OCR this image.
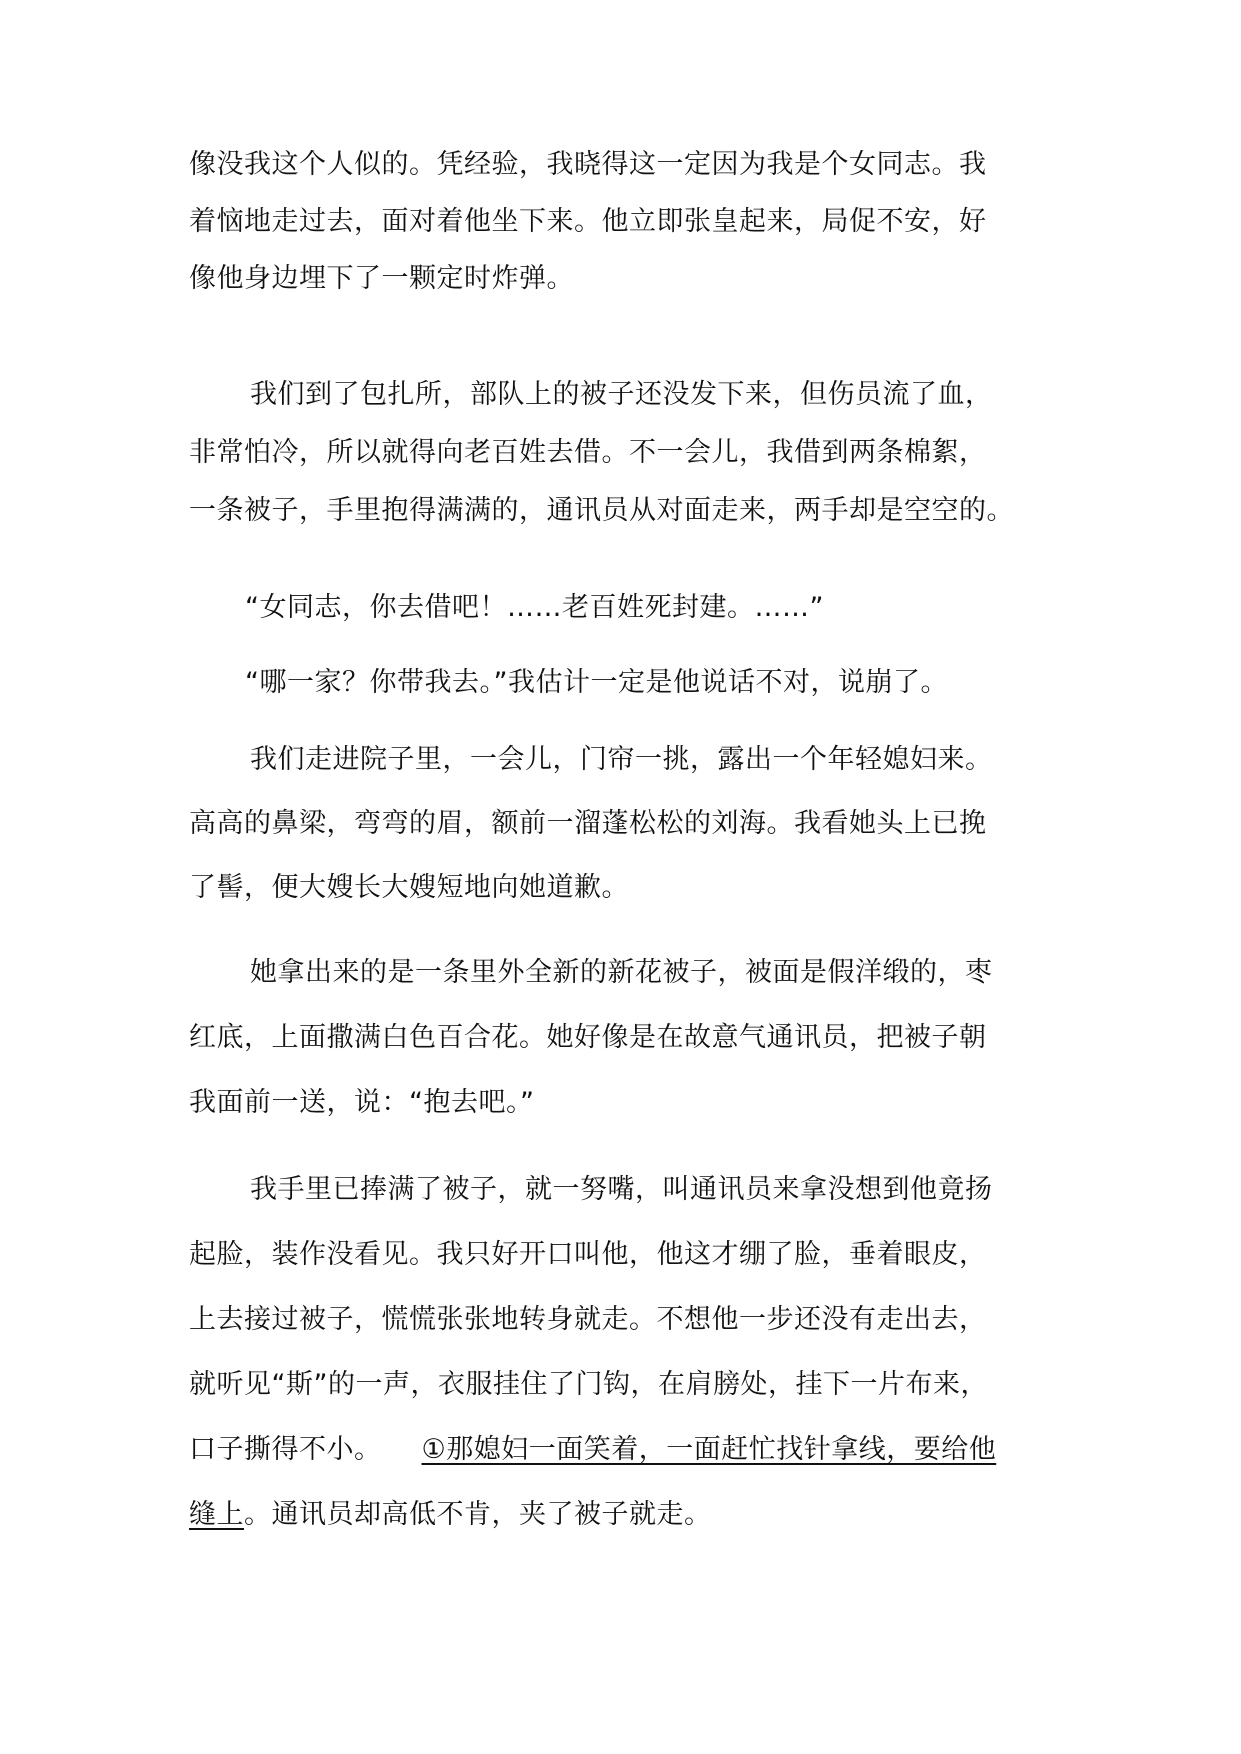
像没我这个人似的。凭经验，我晓得这一定因为我是个女同志。我
着恼地走过去，面对着他坐下来。他立即张皇起来，局促不安，好
像他身边埋下了一颗定时炸弹。
我们到了包扎所，部队上的被子还没发下来，但伤员流了血，
非常怕冷，所以就得向老百姓去借。不一会儿，我借到两条棉絮，
一条被子，手里抱得满满的，通讯员从对面走来，两手却是空空的。
“女同志，你去借吧！……老百姓死封建。……”
“哪一家？你带我去。”我估计一定是他说话不对，说崩了。
我们走进院子里，一会儿，门帘一挑，露出一个年轻媳妇来。
高高的鼻梁，弯弯的眉，额前一溜蓬松松的刘海。我看她头上已挽
了髻，便大嫂长大嫂短地向她道歉。
她拿出来的是一条里外全新的新花被子，被面是假洋缎的，枣
红底，上面撒满白色百合花。她好像是在故意气通讯员，把被子朝
我面前一送，说：“抱去吧。”
我手里已捧满了被子，就一努嘴，叫通讯员来拿没想到他竟扬
起脸，装作没看见。我只好开口叫他，他这才绷了脸，垂着眼皮，
上去接过被子，慌慌张张地转身就走。不想他一步还没有走出去，
就听见“斯”的一声，衣服挂住了门钩，在肩膀处，挂下一片布来，
口子撕得不小。 ①那媳妇一面笑着，一面赶忙找针拿线，要给他
缝上。通讯员却高低不肯，夹了被子就走。
